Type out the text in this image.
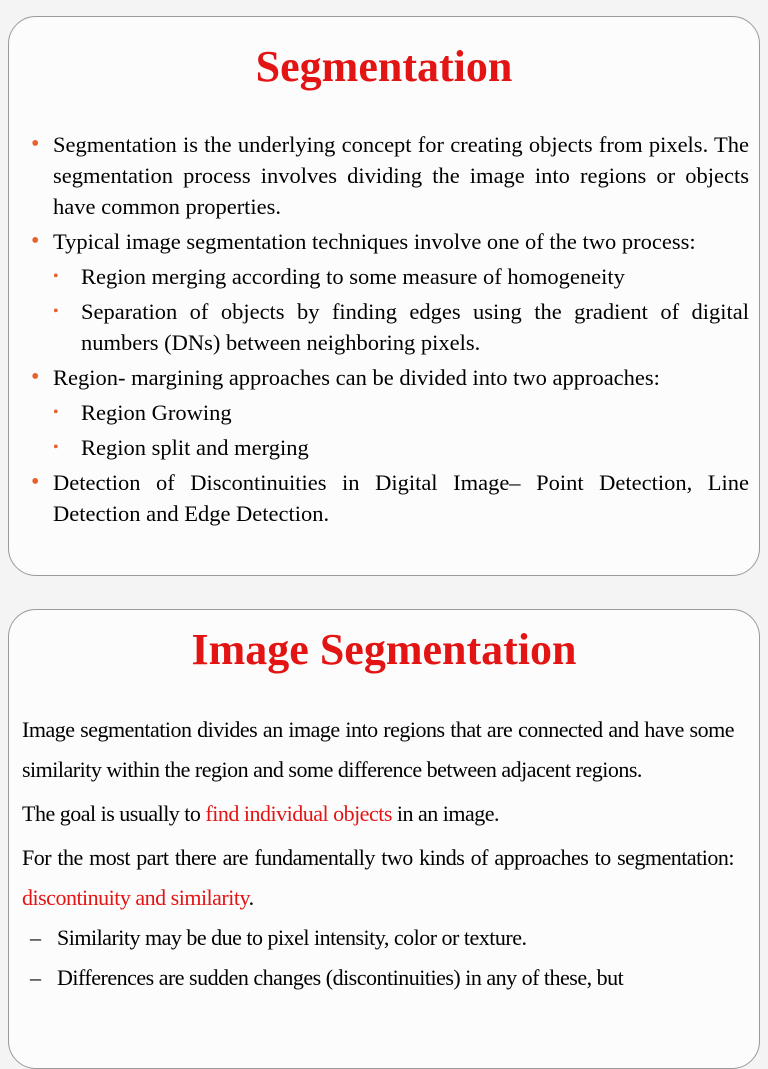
Segmentation

• Segmentation is the underlying concept for creating objects from pixels. The segmentation process involves dividing the image into regions or objects have common properties.

• Typical image segmentation techniques involve one of the two process:

• Region merging according to some measure of homogeneity

• Separation of objects by finding edges using the gradient of digital numbers (DNs) between neighboring pixels.

• Region- margining approaches can be divided into two approaches:

• Region Growing

• Region split and merging

• Detection of Discontinuities in Digital Image– Point Detection, Line Detection and Edge Detection.

Image Segmentation

Image segmentation divides an image into regions that are connected and have some similarity within the region and some difference between adjacent regions.

The goal is usually to find individual objects in an image.

For the most part there are fundamentally two kinds of approaches to segmentation: discontinuity and similarity.

– Similarity may be due to pixel intensity, color or texture.

– Differences are sudden changes (discontinuities) in any of these, but
